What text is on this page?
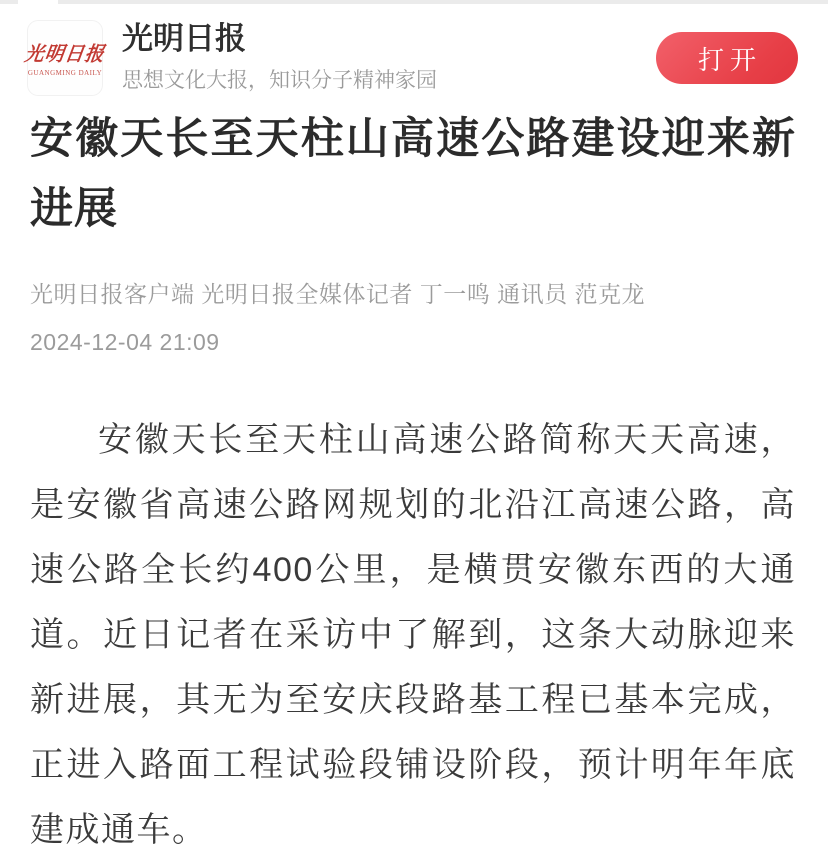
光明日报
GUANGMING DAILY
光明日报
思想文化大报，知识分子精神家园
打开
安徽天长至天柱山高速公路建设迎来新进展
光明日报客户端 光明日报全媒体记者 丁一鸣 通讯员 范克龙
2024-12-04 21:09

安徽天长至天柱山高速公路简称天天高速，是安徽省高速公路网规划的北沿江高速公路，高速公路全长约400公里，是横贯安徽东西的大通道。近日记者在采访中了解到，这条大动脉迎来新进展，其无为至安庆段路基工程已基本完成，正进入路面工程试验段铺设阶段，预计明年年底建成通车。
